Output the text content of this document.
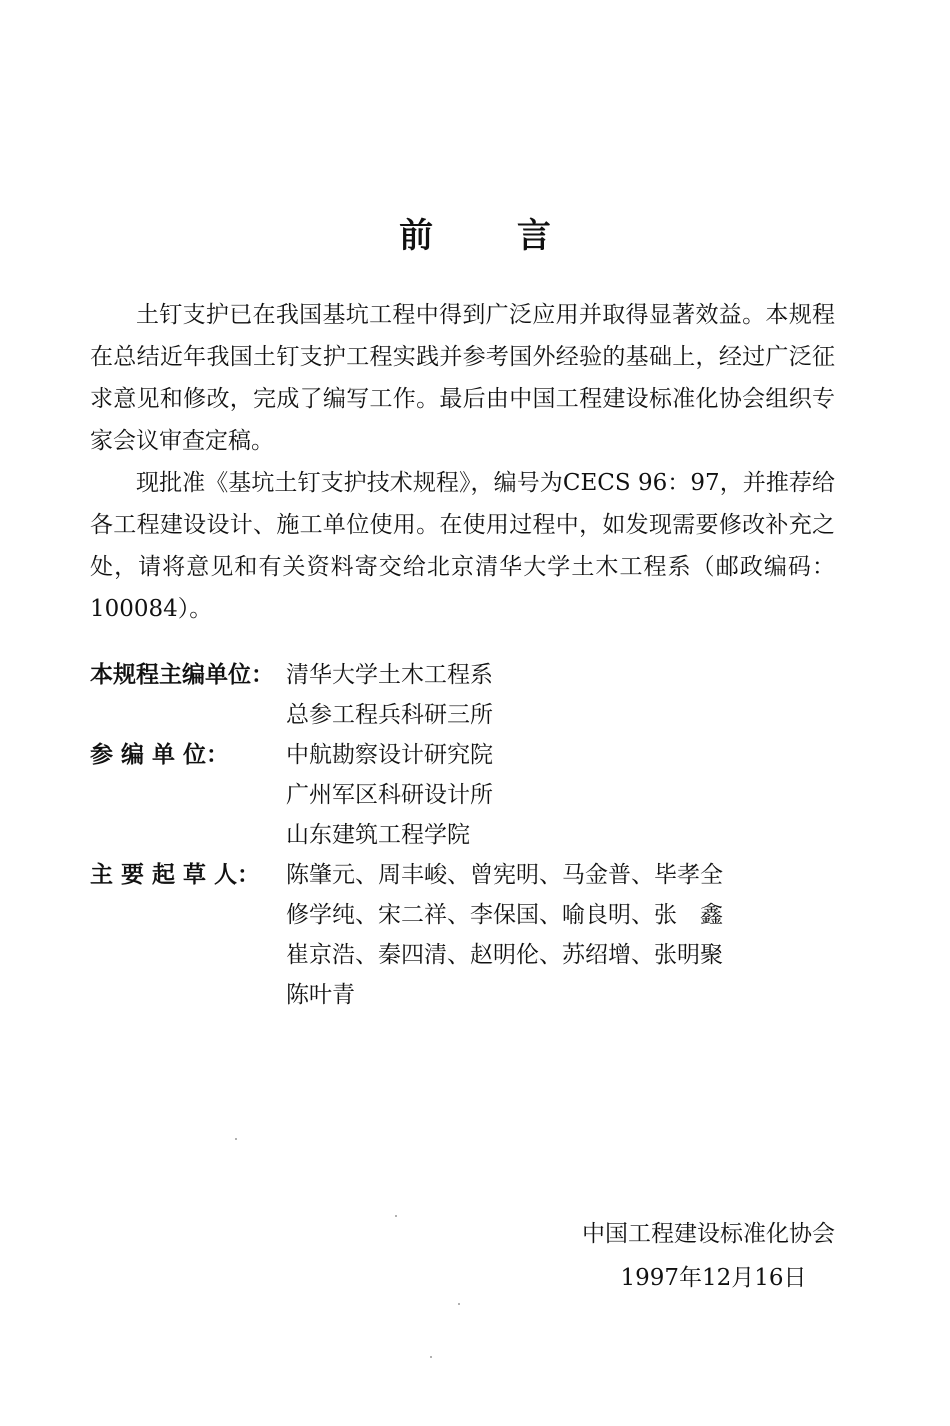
前 言

土钉支护已在我国基坑工程中得到广泛应用并取得显著效益。本规程在总结近年我国土钉支护工程实践并参考国外经验的基础上，经过广泛征求意见和修改，完成了编写工作。最后由中国工程建设标准化协会组织专家会议审查定稿。

现批准《基坑土钉支护技术规程》，编号为CECS 96：97，并推荐给各工程建设设计、施工单位使用。在使用过程中，如发现需要修改补充之处，请将意见和有关资料寄交给北京清华大学土木工程系（邮政编码：100084）。

本规程主编单位： 清华大学土木工程系
总参工程兵科研三所
参 编 单 位：	中航勘察设计研究院
广州军区科研设计所
山东建筑工程学院
主 要 起 草 人：	陈肇元、周丰峻、曾宪明、马金普、毕孝全
修学纯、宋二祥、李保国、喻良明、张　鑫
崔京浩、秦四清、赵明伦、苏绍增、张明聚
陈叶青
中国工程建设标准化协会
1997年12月16日
